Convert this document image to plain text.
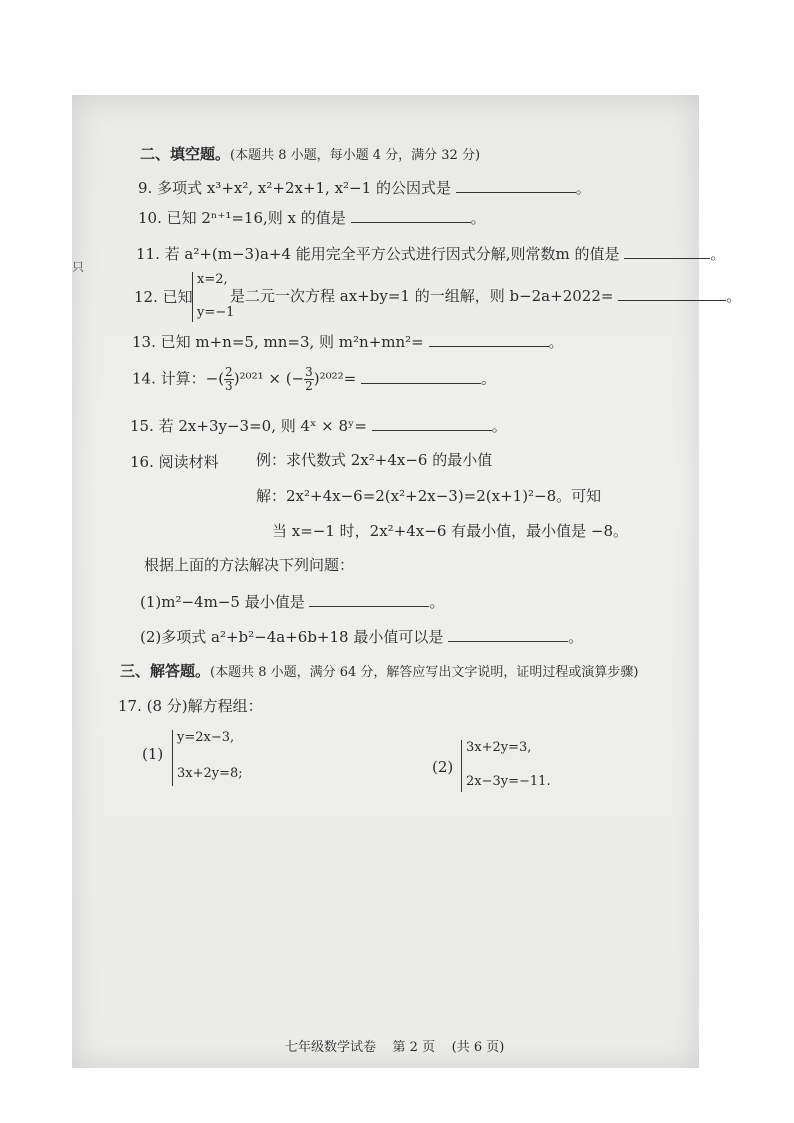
只
二、填空题。(本题共 8 小题，每小题 4 分，满分 32 分)
9. 多项式 x³+x², x²+2x+1, x²−1 的公因式是	。
10. 已知 2ⁿ⁺¹=16,则 x 的值是	。
11. 若 a²+(m−3)a+4 能用完全平方公式进行因式分解,则常数m 的值是	。
12. 已知
x=2,
y=−1
是二元一次方程 ax+by=1 的一组解，则 b−2a+2022=	。
13. 已知 m+n=5, mn=3, 则 m²n+mn²=	。
14. 计算：−( $\frac{2}{3} )^{2021}$ × (− $\frac{3}{2} )^{2022}=$	。
15. 若 2x+3y−3=0, 则 4ˣ × 8ʸ=	。
16. 阅读材料 例：求代数式 2x²+4x−6 的最小值
解：2x²+4x−6=2(x²+2x−3)=2(x+1)²−8。可知
当 x=−1 时，2x²+4x−6 有最小值，最小值是 −8。
根据上面的方法解决下列问题：
(1)m²−4m−5 最小值是	。
(2)多项式 a²+b²−4a+6b+18 最小值可以是	。
三、解答题。(本题共 8 小题，满分 64 分，解答应写出文字说明，证明过程或演算步骤)
17. (8 分)解方程组：
(1)
y=2x−3,
3x+2y=8;	(2)
3x+2y=3,
2x−3y=−11.
七年级数学试卷 第 2 页 (共 6 页)
